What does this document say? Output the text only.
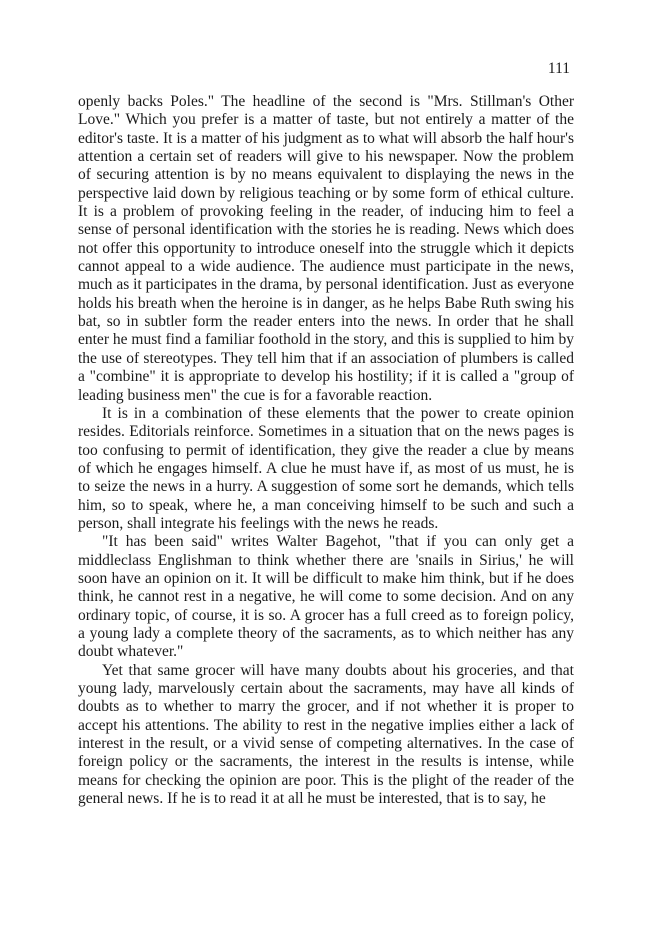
111

openly backs Poles." The headline of the second is "Mrs. Stillman's Other Love." Which you prefer is a matter of taste, but not entirely a matter of the editor's taste. It is a matter of his judgment as to what will absorb the half hour's attention a certain set of readers will give to his newspaper. Now the problem of securing attention is by no means equivalent to displaying the news in the perspective laid down by religious teaching or by some form of ethical culture. It is a problem of provoking feeling in the reader, of inducing him to feel a sense of personal identification with the stories he is reading. News which does not offer this opportunity to introduce oneself into the struggle which it depicts cannot appeal to a wide audience. The audience must participate in the news, much as it participates in the drama, by personal identification. Just as everyone holds his breath when the heroine is in danger, as he helps Babe Ruth swing his bat, so in subtler form the reader enters into the news. In order that he shall enter he must find a familiar foothold in the story, and this is supplied to him by the use of stereotypes. They tell him that if an association of plumbers is called a "combine" it is appropriate to develop his hostility; if it is called a "group of leading business men" the cue is for a favorable reaction.

It is in a combination of these elements that the power to create opinion resides. Editorials reinforce. Sometimes in a situation that on the news pages is too confusing to permit of identification, they give the reader a clue by means of which he engages himself. A clue he must have if, as most of us must, he is to seize the news in a hurry. A suggestion of some sort he demands, which tells him, so to speak, where he, a man conceiving himself to be such and such a person, shall integrate his feelings with the news he reads.

"It has been said" writes Walter Bagehot, "that if you can only get a middleclass Englishman to think whether there are 'snails in Sirius,' he will soon have an opinion on it. It will be difficult to make him think, but if he does think, he cannot rest in a negative, he will come to some decision. And on any ordinary topic, of course, it is so. A grocer has a full creed as to foreign policy, a young lady a complete theory of the sacraments, as to which neither has any doubt whatever."

Yet that same grocer will have many doubts about his groceries, and that young lady, marvelously certain about the sacraments, may have all kinds of doubts as to whether to marry the grocer, and if not whether it is proper to accept his attentions. The ability to rest in the negative implies either a lack of interest in the result, or a vivid sense of competing alternatives. In the case of foreign policy or the sacraments, the interest in the results is intense, while means for checking the opinion are poor. This is the plight of the reader of the general news. If he is to read it at all he must be interested, that is to say, he
